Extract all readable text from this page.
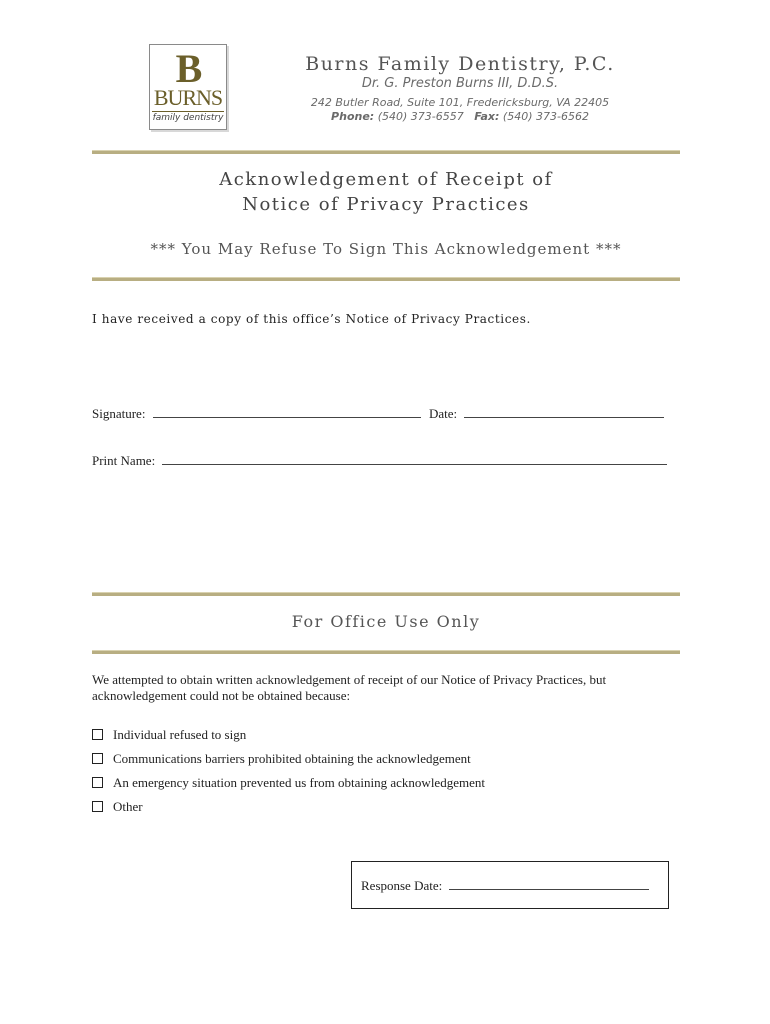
B
BURNS
family dentistry
Burns Family Dentistry, P.C.
Dr. G. Preston Burns III, D.D.S.
242 Butler Road, Suite 101, Fredericksburg, VA 22405
Phone: (540) 373-6557 Fax: (540) 373-6562
Acknowledgement of Receipt of
Notice of Privacy Practices
*** You May Refuse To Sign This Acknowledgement ***
I have received a copy of this office’s Notice of Privacy Practices.
Signature:	Date:
Print Name:
For Office Use Only
We attempted to obtain written acknowledgement of receipt of our Notice of Privacy Practices, but acknowledgement could not be obtained because:
Individual refused to sign
Communications barriers prohibited obtaining the acknowledgement
An emergency situation prevented us from obtaining acknowledgement
Other
Response Date:
